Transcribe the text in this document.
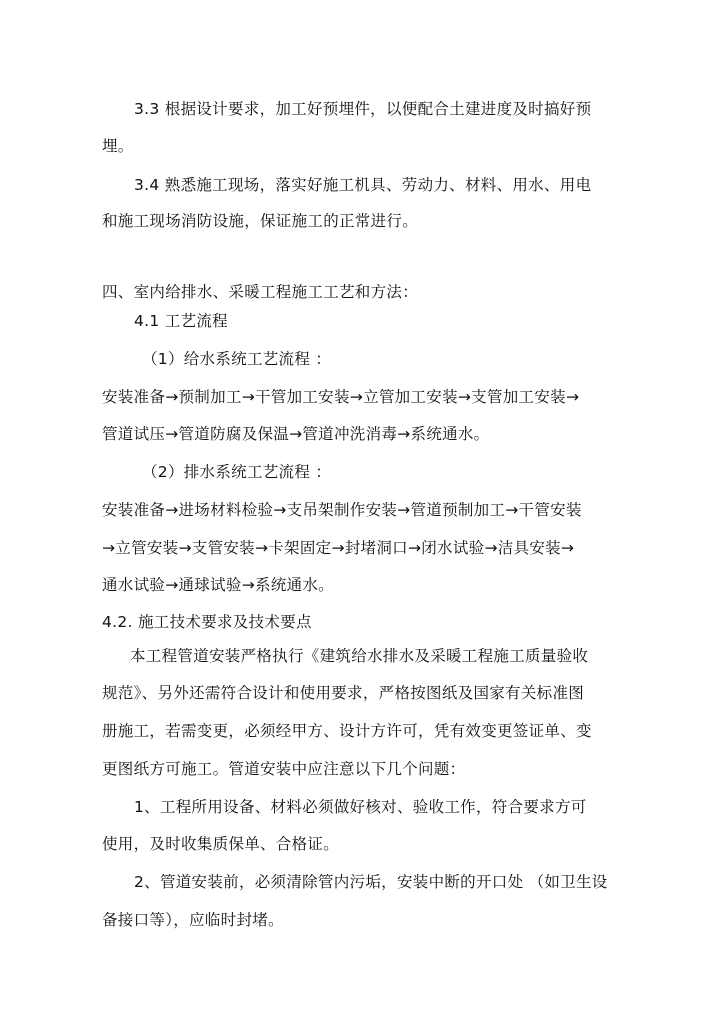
3.3 根据设计要求，加工好预埋件，以便配合土建进度及时搞好预
埋。
3.4 熟悉施工现场，落实好施工机具、劳动力、材料、用水、用电
和施工现场消防设施，保证施工的正常进行。
四、室内给排水、采暖工程施工工艺和方法：
4.1 工艺流程
（1）给水系统工艺流程 ：
安装准备→预制加工→干管加工安装→立管加工安装→支管加工安装→
管道试压→管道防腐及保温→管道冲洗消毒→系统通水。
（2）排水系统工艺流程 ：
安装准备→进场材料检验→支吊架制作安装→管道预制加工→干管安装
→立管安装→支管安装→卡架固定→封堵洞口→闭水试验→洁具安装→
通水试验→通球试验→系统通水。
4.2. 施工技术要求及技术要点
本工程管道安装严格执行《建筑给水排水及采暖工程施工质量验收
规范》、另外还需符合设计和使用要求，严格按图纸及国家有关标准图
册施工，若需变更，必须经甲方、设计方许可，凭有效变更签证单、变
更图纸方可施工。管道安装中应注意以下几个问题：
1、工程所用设备、材料必须做好核对、验收工作，符合要求方可
使用，及时收集质保单、合格证。
2、管道安装前，必须清除管内污垢，安装中断的开口处 （如卫生设
备接口等），应临时封堵。
